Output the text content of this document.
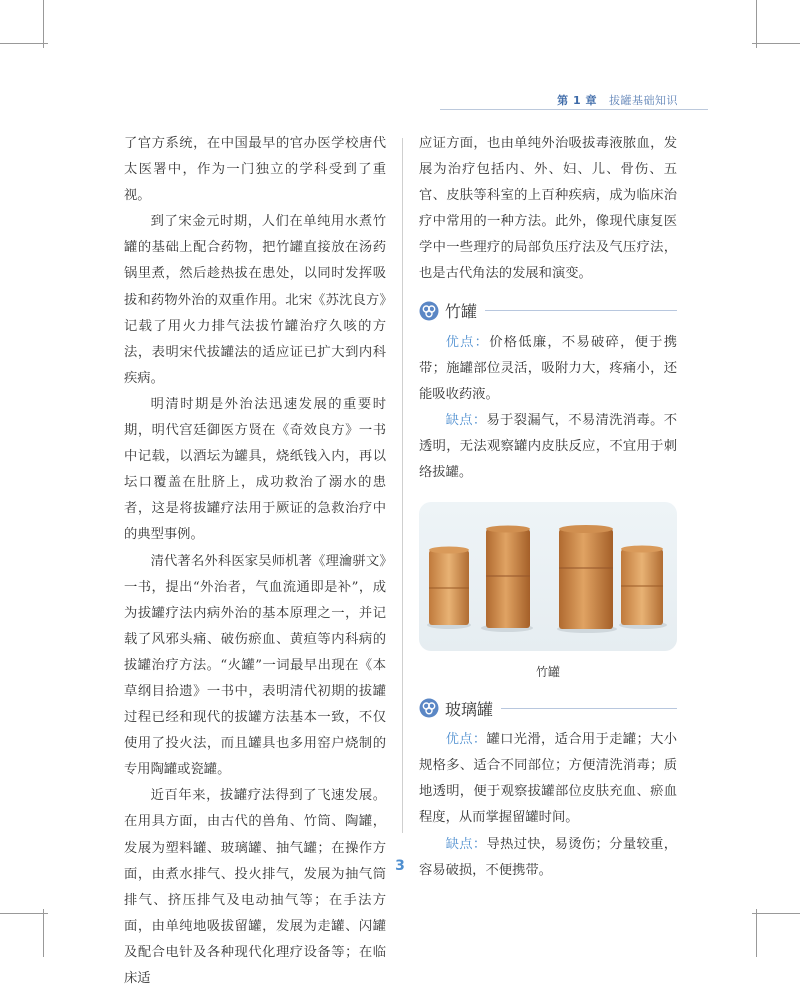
第 1 章 拔罐基础知识

了官方系统，在中国最早的官办医学校唐代太医署中，作为一门独立的学科受到了重视。

到了宋金元时期，人们在单纯用水煮竹罐的基础上配合药物，把竹罐直接放在汤药锅里煮，然后趁热拔在患处，以同时发挥吸拔和药物外治的双重作用。北宋《苏沈良方》记载了用火力排气法拔竹罐治疗久咳的方法，表明宋代拔罐法的适应证已扩大到内科疾病。

明清时期是外治法迅速发展的重要时期，明代宫廷御医方贤在《奇效良方》一书中记载，以酒坛为罐具，烧纸钱入内，再以坛口覆盖在肚脐上，成功救治了溺水的患者，这是将拔罐疗法用于厥证的急救治疗中的典型事例。

清代著名外科医家吴师机著《理瀹骈文》一书，提出“外治者，气血流通即是补”，成为拔罐疗法内病外治的基本原理之一，并记载了风邪头痛、破伤瘀血、黄疸等内科病的拔罐治疗方法。“火罐”一词最早出现在《本草纲目拾遗》一书中，表明清代初期的拔罐过程已经和现代的拔罐方法基本一致，不仅使用了投火法，而且罐具也多用窑户烧制的专用陶罐或瓷罐。

近百年来，拔罐疗法得到了飞速发展。在用具方面，由古代的兽角、竹筒、陶罐，发展为塑料罐、玻璃罐、抽气罐；在操作方面，由煮水排气、投火排气，发展为抽气筒排气、挤压排气及电动抽气等；在手法方面，由单纯地吸拔留罐，发展为走罐、闪罐及配合电针及各种现代化理疗设备等；在临床适

应证方面，也由单纯外治吸拔毒液脓血，发展为治疗包括内、外、妇、儿、骨伤、五官、皮肤等科室的上百种疾病，成为临床治疗中常用的一种方法。此外，像现代康复医学中一些理疗的局部负压疗法及气压疗法，也是古代角法的发展和演变。

竹罐

优点：价格低廉，不易破碎，便于携带；施罐部位灵活，吸附力大，疼痛小，还能吸收药液。

缺点：易于裂漏气，不易清洗消毒。不透明，无法观察罐内皮肤反应，不宜用于刺络拔罐。

竹罐

玻璃罐

优点：罐口光滑，适合用于走罐；大小规格多、适合不同部位；方便清洗消毒；质地透明，便于观察拔罐部位皮肤充血、瘀血程度，从而掌握留罐时间。

缺点：导热过快，易烫伤；分量较重，容易破损，不便携带。

3
